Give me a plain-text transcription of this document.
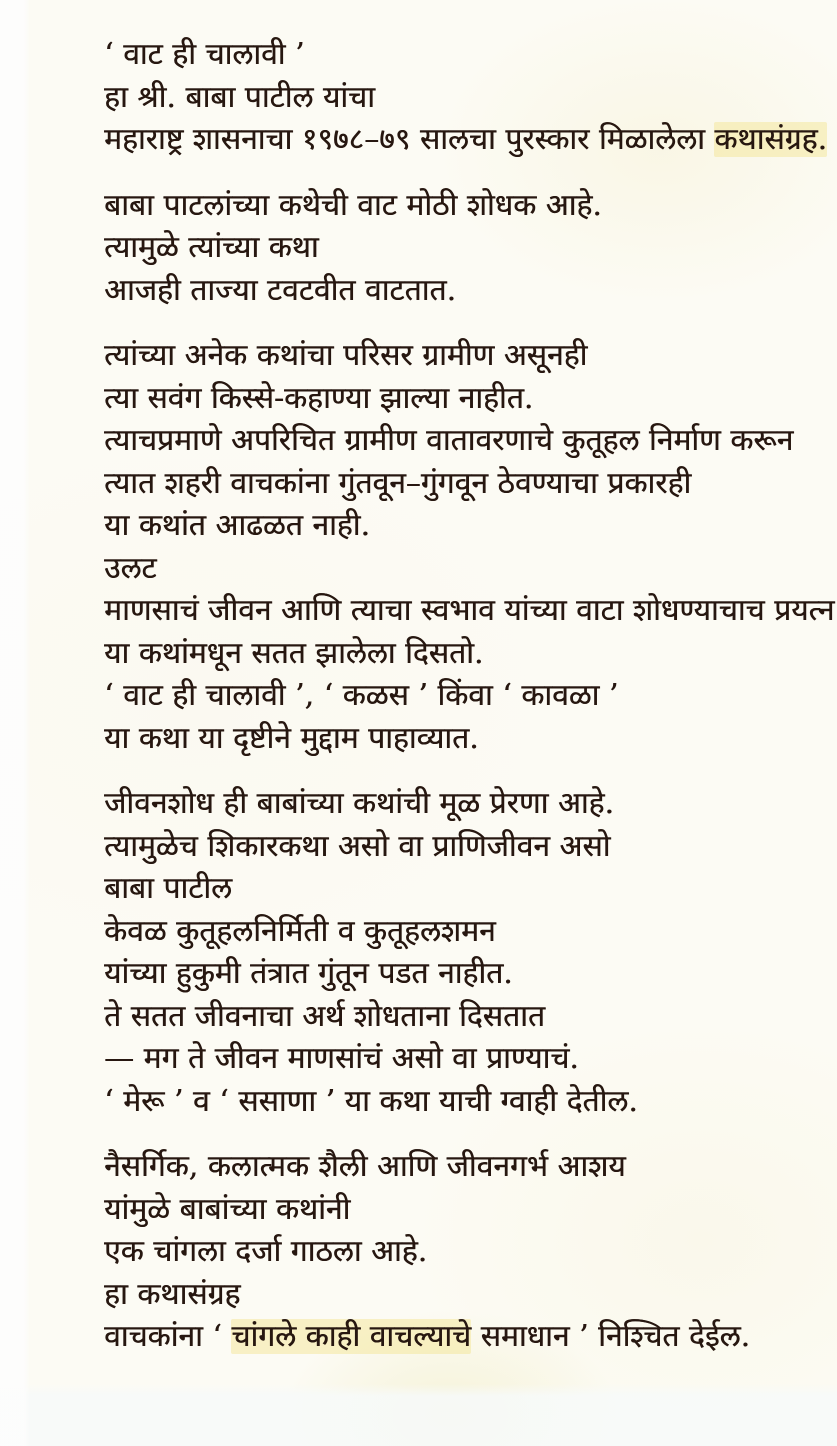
‘ वाट ही चालावी ’

हा श्री. बाबा पाटील यांचा

महाराष्ट्र शासनाचा १९७८–७९ सालचा पुरस्कार मिळालेला कथासंग्रह.

बाबा पाटलांच्या कथेची वाट मोठी शोधक आहे.

त्यामुळे त्यांच्या कथा

आजही ताज्या टवटवीत वाटतात.

त्यांच्या अनेक कथांचा परिसर ग्रामीण असूनही

त्या सवंग किस्से-कहाण्या झाल्या नाहीत.

त्याचप्रमाणे अपरिचित ग्रामीण वातावरणाचे कुतूहल निर्माण करून

त्यात शहरी वाचकांना गुंतवून–गुंगवून ठेवण्याचा प्रकारही

या कथांत आढळत नाही.

उलट

माणसाचं जीवन आणि त्याचा स्वभाव यांच्या वाटा शोधण्याचाच प्रयत्न

या कथांमधून सतत झालेला दिसतो.

‘ वाट ही चालावी ’, ‘ कळस ’ किंवा ‘ कावळा ’

या कथा या दृष्टीने मुद्दाम पाहाव्यात.

जीवनशोध ही बाबांच्या कथांची मूळ प्रेरणा आहे.

त्यामुळेच शिकारकथा असो वा प्राणिजीवन असो

बाबा पाटील

केवळ कुतूहलनिर्मिती व कुतूहलशमन

यांच्या हुकुमी तंत्रात गुंतून पडत नाहीत.

ते सतत जीवनाचा अर्थ शोधताना दिसतात

— मग ते जीवन माणसांचं असो वा प्राण्याचं.

‘ मेरू ’ व ‘ ससाणा ’ या कथा याची ग्वाही देतील.

नैसर्गिक, कलात्मक शैली आणि जीवनगर्भ आशय

यांमुळे बाबांच्या कथांनी

एक चांगला दर्जा गाठला आहे.

हा कथासंग्रह

वाचकांना ‘ चांगले काही वाचल्याचे समाधान ’ निश्चित देईल.
